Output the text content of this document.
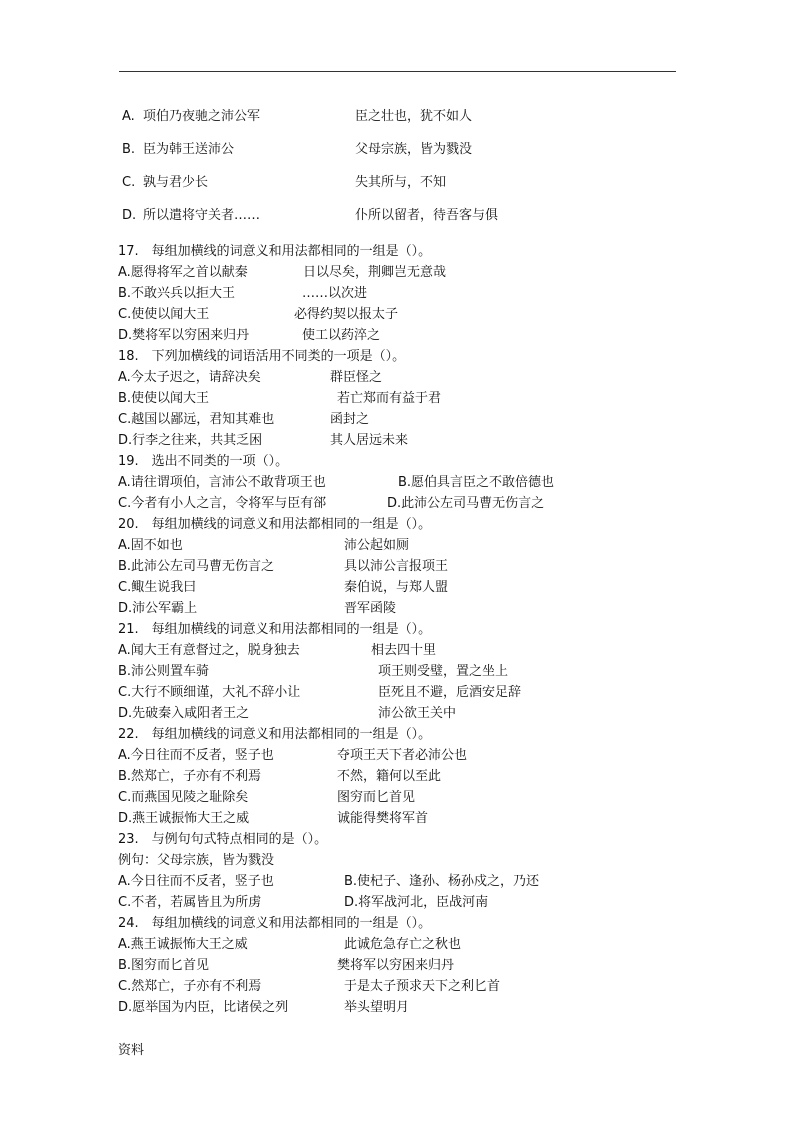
A. 项伯乃夜驰之沛公军	臣之壮也，犹不如人
B. 臣为韩王送沛公	父母宗族，皆为戮没
C. 孰与君少长	失其所与，不知
D. 所以遣将守关者……	仆所以留者，待吾客与俱
17.　每组加横线的词意义和用法都相同的一组是（）。
A.愿得将军之首以献秦	日以尽矣，荆卿岂无意哉
B.不敢兴兵以拒大王	……以次进
C.使使以闻大王	必得约契以报太子
D.樊将军以穷困来归丹	使工以药淬之
18.　下列加横线的词语活用不同类的一项是（）。
A.今太子迟之，请辞决矣	群臣怪之
B.使使以闻大王	若亡郑而有益于君
C.越国以鄙远，君知其难也	函封之
D.行李之往来，共其乏困	其人居远未来
19.　选出不同类的一项（）。
A.请往谓项伯，言沛公不敢背项王也	B.愿伯具言臣之不敢倍德也
C.今者有小人之言，令将军与臣有郤	D.此沛公左司马曹无伤言之
20.　每组加横线的词意义和用法都相同的一组是（）。
A.固不如也	沛公起如厕
B.此沛公左司马曹无伤言之	具以沛公言报项王
C.鲰生说我曰	秦伯说，与郑人盟
D.沛公军霸上	晋军函陵
21.　每组加横线的词意义和用法都相同的一组是（）。
A.闻大王有意督过之，脱身独去	相去四十里
B.沛公则置车骑	项王则受璧，置之坐上
C.大行不顾细谨，大礼不辞小让	臣死且不避，卮酒安足辞
D.先破秦入咸阳者王之	沛公欲王关中
22.　每组加横线的词意义和用法都相同的一组是（）。
A.今日往而不反者，竖子也	夺项王天下者必沛公也
B.然郑亡，子亦有不利焉	不然，籍何以至此
C.而燕国见陵之耻除矣	图穷而匕首见
D.燕王诚振怖大王之威	诚能得樊将军首
23.　与例句句式特点相同的是（）。
例句：父母宗族，皆为戮没
A.今日往而不反者，竖子也	B.使杞子、逢孙、杨孙戍之，乃还
C.不者，若属皆且为所虏	D.将军战河北，臣战河南
24.　每组加横线的词意义和用法都相同的一组是（）。
A.燕王诚振怖大王之威	此诚危急存亡之秋也
B.图穷而匕首见	樊将军以穷困来归丹
C.然郑亡，子亦有不利焉	于是太子预求天下之利匕首
D.愿举国为内臣，比诸侯之列	举头望明月
资料
